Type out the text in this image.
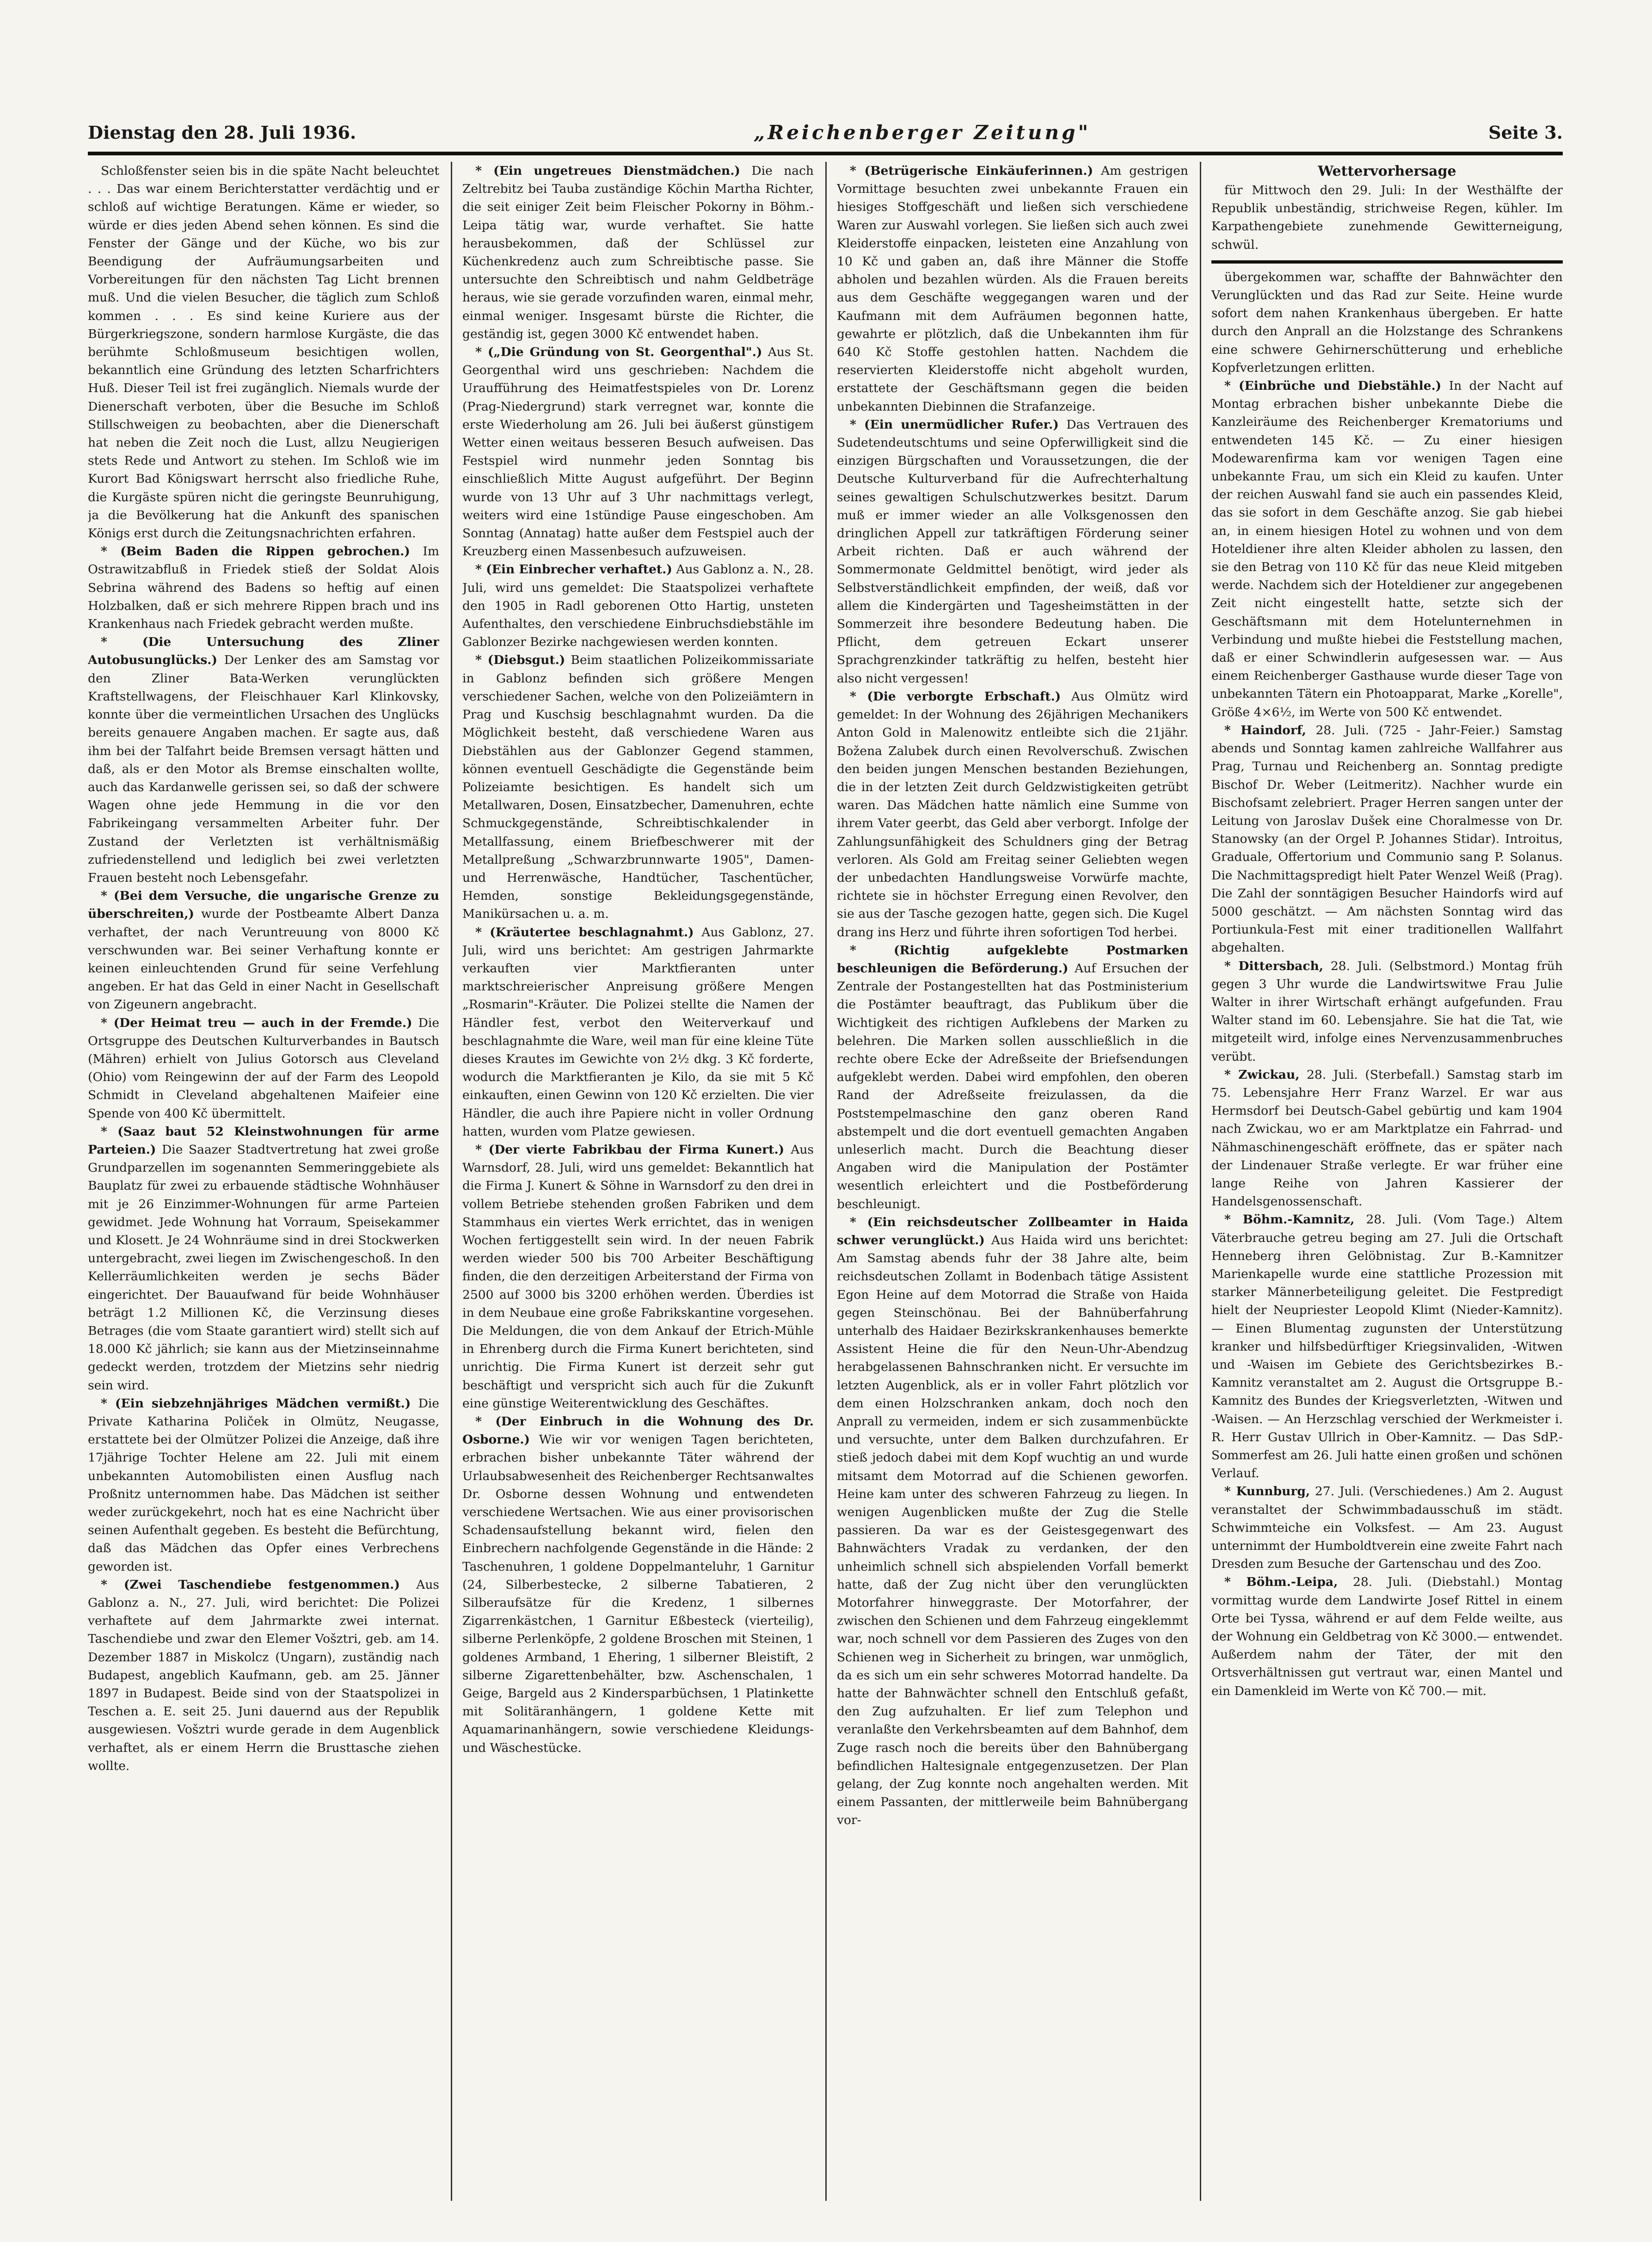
Dienstag den 28. Juli 1936.	„Reichenberger Zeitung"	Seite 3.

Schloßfenster seien bis in die späte Nacht beleuchtet . . . Das war einem Berichterstatter verdächtig und er schloß auf wichtige Beratungen. Käme er wieder, so würde er dies jeden Abend sehen können. Es sind die Fenster der Gänge und der Küche, wo bis zur Beendigung der Aufräumungsarbeiten und Vorbereitungen für den nächsten Tag Licht brennen muß. Und die vielen Besucher, die täglich zum Schloß kommen . . . Es sind keine Kuriere aus der Bürgerkriegszone, sondern harmlose Kurgäste, die das berühmte Schloßmuseum besichtigen wollen, bekanntlich eine Gründung des letzten Scharfrichters Huß. Dieser Teil ist frei zugänglich. Niemals wurde der Dienerschaft verboten, über die Besuche im Schloß Stillschweigen zu beobachten, aber die Dienerschaft hat neben die Zeit noch die Lust, allzu Neugierigen stets Rede und Antwort zu stehen. Im Schloß wie im Kurort Bad Königswart herrscht also friedliche Ruhe, die Kurgäste spüren nicht die geringste Beunruhigung, ja die Bevölkerung hat die Ankunft des spanischen Königs erst durch die Zeitungsnachrichten erfahren.

* (Beim Baden die Rippen gebrochen.) Im Ostrawitzabfluß in Friedek stieß der Soldat Alois Sebrina während des Badens so heftig auf einen Holzbalken, daß er sich mehrere Rippen brach und ins Krankenhaus nach Friedek gebracht werden mußte.

* (Die Untersuchung des Zliner Autobusunglücks.) Der Lenker des am Samstag vor den Zliner Bata-Werken verunglückten Kraftstellwagens, der Fleischhauer Karl Klinkovsky, konnte über die vermeintlichen Ursachen des Unglücks bereits genauere Angaben machen. Er sagte aus, daß ihm bei der Talfahrt beide Bremsen versagt hätten und daß, als er den Motor als Bremse einschalten wollte, auch das Kardanwelle gerissen sei, so daß der schwere Wagen ohne jede Hemmung in die vor den Fabrikeingang versammelten Arbeiter fuhr. Der Zustand der Verletzten ist verhältnismäßig zufriedenstellend und lediglich bei zwei verletzten Frauen besteht noch Lebensgefahr.

* (Bei dem Versuche, die ungarische Grenze zu überschreiten,) wurde der Postbeamte Albert Danza verhaftet, der nach Veruntreuung von 8000 Kč verschwunden war. Bei seiner Verhaftung konnte er keinen einleuchtenden Grund für seine Verfehlung angeben. Er hat das Geld in einer Nacht in Gesellschaft von Zigeunern angebracht.

* (Der Heimat treu — auch in der Fremde.) Die Ortsgruppe des Deutschen Kulturverbandes in Bautsch (Mähren) erhielt von Julius Gotorsch aus Cleveland (Ohio) vom Reingewinn der auf der Farm des Leopold Schmidt in Cleveland abgehaltenen Maifeier eine Spende von 400 Kč übermittelt.

* (Saaz baut 52 Kleinstwohnungen für arme Parteien.) Die Saazer Stadtvertretung hat zwei große Grundparzellen im sogenannten Semmeringgebiete als Bauplatz für zwei zu erbauende städtische Wohnhäuser mit je 26 Einzimmer-Wohnungen für arme Parteien gewidmet. Jede Wohnung hat Vorraum, Speisekammer und Klosett. Je 24 Wohnräume sind in drei Stockwerken untergebracht, zwei liegen im Zwischengeschoß. In den Kellerräumlichkeiten werden je sechs Bäder eingerichtet. Der Bauaufwand für beide Wohnhäuser beträgt 1.2 Millionen Kč, die Verzinsung dieses Betrages (die vom Staate garantiert wird) stellt sich auf 18.000 Kč jährlich; sie kann aus der Mietzinseinnahme gedeckt werden, trotzdem der Mietzins sehr niedrig sein wird.

* (Ein siebzehnjähriges Mädchen vermißt.) Die Private Katharina Poliček in Olmütz, Neugasse, erstattete bei der Olmützer Polizei die Anzeige, daß ihre 17jährige Tochter Helene am 22. Juli mit einem unbekannten Automobilisten einen Ausflug nach Proßnitz unternommen habe. Das Mädchen ist seither weder zurückgekehrt, noch hat es eine Nachricht über seinen Aufenthalt gegeben. Es besteht die Befürchtung, daß das Mädchen das Opfer eines Verbrechens geworden ist.

* (Zwei Taschendiebe festgenommen.) Aus Gablonz a. N., 27. Juli, wird berichtet: Die Polizei verhaftete auf dem Jahrmarkte zwei internat. Taschendiebe und zwar den Elemer Vošztri, geb. am 14. Dezember 1887 in Miskolcz (Ungarn), zuständig nach Budapest, angeblich Kaufmann, geb. am 25. Jänner 1897 in Budapest. Beide sind von der Staatspolizei in Teschen a. E. seit 25. Juni dauernd aus der Republik ausgewiesen. Vošztri wurde gerade in dem Augenblick verhaftet, als er einem Herrn die Brusttasche ziehen wollte.

* (Ein ungetreues Dienstmädchen.) Die nach Zeltrebitz bei Tauba zuständige Köchin Martha Richter, die seit einiger Zeit beim Fleischer Pokorny in Böhm.-Leipa tätig war, wurde verhaftet. Sie hatte herausbekommen, daß der Schlüssel zur Küchenkredenz auch zum Schreibtische passe. Sie untersuchte den Schreibtisch und nahm Geldbeträge heraus, wie sie gerade vorzufinden waren, einmal mehr, einmal weniger. Insgesamt bürste die Richter, die geständig ist, gegen 3000 Kč entwendet haben.

* („Die Gründung von St. Georgenthal".) Aus St. Georgenthal wird uns geschrieben: Nachdem die Uraufführung des Heimatfestspieles von Dr. Lorenz (Prag-Niedergrund) stark verregnet war, konnte die erste Wiederholung am 26. Juli bei äußerst günstigem Wetter einen weitaus besseren Besuch aufweisen. Das Festspiel wird nunmehr jeden Sonntag bis einschließlich Mitte August aufgeführt. Der Beginn wurde von 13 Uhr auf 3 Uhr nachmittags verlegt, weiters wird eine 1stündige Pause eingeschoben. Am Sonntag (Annatag) hatte außer dem Festspiel auch der Kreuzberg einen Massenbesuch aufzuweisen.

* (Ein Einbrecher verhaftet.) Aus Gablonz a. N., 28. Juli, wird uns gemeldet: Die Staatspolizei verhaftete den 1905 in Radl geborenen Otto Hartig, unsteten Aufenthaltes, den verschiedene Einbruchsdiebstähle im Gablonzer Bezirke nachgewiesen werden konnten.

* (Diebsgut.) Beim staatlichen Polizeikommissariate in Gablonz befinden sich größere Mengen verschiedener Sachen, welche von den Polizeiämtern in Prag und Kuschsig beschlagnahmt wurden. Da die Möglichkeit besteht, daß verschiedene Waren aus Diebstählen aus der Gablonzer Gegend stammen, können eventuell Geschädigte die Gegenstände beim Polizeiamte besichtigen. Es handelt sich um Metallwaren, Dosen, Einsatzbecher, Damenuhren, echte Schmuckgegenstände, Schreibtischkalender in Metallfassung, einem Briefbeschwerer mit der Metallpreßung „Schwarzbrunnwarte 1905", Damen- und Herrenwäsche, Handtücher, Taschentücher, Hemden, sonstige Bekleidungsgegenstände, Manikürsachen u. a. m.

* (Kräutertee beschlagnahmt.) Aus Gablonz, 27. Juli, wird uns berichtet: Am gestrigen Jahrmarkte verkauften vier Marktfieranten unter marktschreierischer Anpreisung größere Mengen „Rosmarin"-Kräuter. Die Polizei stellte die Namen der Händler fest, verbot den Weiterverkauf und beschlagnahmte die Ware, weil man für eine kleine Tüte dieses Krautes im Gewichte von 2½ dkg. 3 Kč forderte, wodurch die Marktfieranten je Kilo, da sie mit 5 Kč einkauften, einen Gewinn von 120 Kč erzielten. Die vier Händler, die auch ihre Papiere nicht in voller Ordnung hatten, wurden vom Platze gewiesen.

* (Der vierte Fabrikbau der Firma Kunert.) Aus Warnsdorf, 28. Juli, wird uns gemeldet: Bekanntlich hat die Firma J. Kunert & Söhne in Warnsdorf zu den drei in vollem Betriebe stehenden großen Fabriken und dem Stammhaus ein viertes Werk errichtet, das in wenigen Wochen fertiggestellt sein wird. In der neuen Fabrik werden wieder 500 bis 700 Arbeiter Beschäftigung finden, die den derzeitigen Arbeiterstand der Firma von 2500 auf 3000 bis 3200 erhöhen werden. Überdies ist in dem Neubaue eine große Fabrikskantine vorgesehen. Die Meldungen, die von dem Ankauf der Etrich-Mühle in Ehrenberg durch die Firma Kunert berichteten, sind unrichtig. Die Firma Kunert ist derzeit sehr gut beschäftigt und verspricht sich auch für die Zukunft eine günstige Weiterentwicklung des Geschäftes.

* (Der Einbruch in die Wohnung des Dr. Osborne.) Wie wir vor wenigen Tagen berichteten, erbrachen bisher unbekannte Täter während der Urlaubsabwesenheit des Reichenberger Rechtsanwaltes Dr. Osborne dessen Wohnung und entwendeten verschiedene Wertsachen. Wie aus einer provisorischen Schadensaufstellung bekannt wird, fielen den Einbrechern nachfolgende Gegenstände in die Hände: 2 Taschenuhren, 1 goldene Doppelmanteluhr, 1 Garnitur (24, Silberbestecke, 2 silberne Tabatieren, 2 Silberaufsätze für die Kredenz, 1 silbernes Zigarrenkästchen, 1 Garnitur Eßbesteck (vierteilig), silberne Perlenköpfe, 2 goldene Broschen mit Steinen, 1 goldenes Armband, 1 Ehering, 1 silberner Bleistift, 2 silberne Zigarettenbehälter, bzw. Aschenschalen, 1 Geige, Bargeld aus 2 Kindersparbüchsen, 1 Platinkette mit Solitäranhängern, 1 goldene Kette mit Aquamarinanhängern, sowie verschiedene Kleidungs- und Wäschestücke.

* (Betrügerische Einkäuferinnen.) Am gestrigen Vormittage besuchten zwei unbekannte Frauen ein hiesiges Stoffgeschäft und ließen sich verschiedene Waren zur Auswahl vorlegen. Sie ließen sich auch zwei Kleiderstoffe einpacken, leisteten eine Anzahlung von 10 Kč und gaben an, daß ihre Männer die Stoffe abholen und bezahlen würden. Als die Frauen bereits aus dem Geschäfte weggegangen waren und der Kaufmann mit dem Aufräumen begonnen hatte, gewahrte er plötzlich, daß die Unbekannten ihm für 640 Kč Stoffe gestohlen hatten. Nachdem die reservierten Kleiderstoffe nicht abgeholt wurden, erstattete der Geschäftsmann gegen die beiden unbekannten Diebinnen die Strafanzeige.

* (Ein unermüdlicher Rufer.) Das Vertrauen des Sudetendeutschtums und seine Opferwilligkeit sind die einzigen Bürgschaften und Voraussetzungen, die der Deutsche Kulturverband für die Aufrechterhaltung seines gewaltigen Schulschutzwerkes besitzt. Darum muß er immer wieder an alle Volksgenossen den dringlichen Appell zur tatkräftigen Förderung seiner Arbeit richten. Daß er auch während der Sommermonate Geldmittel benötigt, wird jeder als Selbstverständlichkeit empfinden, der weiß, daß vor allem die Kindergärten und Tagesheimstätten in der Sommerzeit ihre besondere Bedeutung haben. Die Pflicht, dem getreuen Eckart unserer Sprachgrenzkinder tatkräftig zu helfen, besteht hier also nicht vergessen!

* (Die verborgte Erbschaft.) Aus Olmütz wird gemeldet: In der Wohnung des 26jährigen Mechanikers Anton Gold in Malenowitz entleibte sich die 21jähr. Božena Zalubek durch einen Revolverschuß. Zwischen den beiden jungen Menschen bestanden Beziehungen, die in der letzten Zeit durch Geldzwistigkeiten getrübt waren. Das Mädchen hatte nämlich eine Summe von ihrem Vater geerbt, das Geld aber verborgt. Infolge der Zahlungsunfähigkeit des Schuldners ging der Betrag verloren. Als Gold am Freitag seiner Geliebten wegen der unbedachten Handlungsweise Vorwürfe machte, richtete sie in höchster Erregung einen Revolver, den sie aus der Tasche gezogen hatte, gegen sich. Die Kugel drang ins Herz und führte ihren sofortigen Tod herbei.

* (Richtig aufgeklebte Postmarken beschleunigen die Beförderung.) Auf Ersuchen der Zentrale der Postangestellten hat das Postministerium die Postämter beauftragt, das Publikum über die Wichtigkeit des richtigen Aufklebens der Marken zu belehren. Die Marken sollen ausschließlich in die rechte obere Ecke der Adreßseite der Briefsendungen aufgeklebt werden. Dabei wird empfohlen, den oberen Rand der Adreßseite freizulassen, da die Poststempelmaschine den ganz oberen Rand abstempelt und die dort eventuell gemachten Angaben unleserlich macht. Durch die Beachtung dieser Angaben wird die Manipulation der Postämter wesentlich erleichtert und die Postbeförderung beschleunigt.

* (Ein reichsdeutscher Zollbeamter in Haida schwer verunglückt.) Aus Haida wird uns berichtet: Am Samstag abends fuhr der 38 Jahre alte, beim reichsdeutschen Zollamt in Bodenbach tätige Assistent Egon Heine auf dem Motorrad die Straße von Haida gegen Steinschönau. Bei der Bahnüberfahrung unterhalb des Haidaer Bezirkskrankenhauses bemerkte Assistent Heine die für den Neun-Uhr-Abendzug herabgelassenen Bahnschranken nicht. Er versuchte im letzten Augenblick, als er in voller Fahrt plötzlich vor dem einen Holzschranken ankam, doch noch den Anprall zu vermeiden, indem er sich zusammenbückte und versuchte, unter dem Balken durchzufahren. Er stieß jedoch dabei mit dem Kopf wuchtig an und wurde mitsamt dem Motorrad auf die Schienen geworfen. Heine kam unter des schweren Fahrzeug zu liegen. In wenigen Augenblicken mußte der Zug die Stelle passieren. Da war es der Geistesgegenwart des Bahnwächters Vradak zu verdanken, der den unheimlich schnell sich abspielenden Vorfall bemerkt hatte, daß der Zug nicht über den verunglückten Motorfahrer hinweggraste. Der Motorfahrer, der zwischen den Schienen und dem Fahrzeug eingeklemmt war, noch schnell vor dem Passieren des Zuges von den Schienen weg in Sicherheit zu bringen, war unmöglich, da es sich um ein sehr schweres Motorrad handelte. Da hatte der Bahnwächter schnell den Entschluß gefaßt, den Zug aufzuhalten. Er lief zum Telephon und veranlaßte den Verkehrsbeamten auf dem Bahnhof, dem Zuge rasch noch die bereits über den Bahnübergang befindlichen Haltesignale entgegenzusetzen. Der Plan gelang, der Zug konnte noch angehalten werden. Mit einem Passanten, der mittlerweile beim Bahnübergang vor-

Wettervorhersage

für Mittwoch den 29. Juli: In der Westhälfte der Republik unbeständig, strichweise Regen, kühler. Im Karpathengebiete zunehmende Gewitterneigung, schwül.

übergekommen war, schaffte der Bahnwächter den Verunglückten und das Rad zur Seite. Heine wurde sofort dem nahen Krankenhaus übergeben. Er hatte durch den Anprall an die Holzstange des Schrankens eine schwere Gehirnerschütterung und erhebliche Kopfverletzungen erlitten.

* (Einbrüche und Diebstähle.) In der Nacht auf Montag erbrachen bisher unbekannte Diebe die Kanzleiräume des Reichenberger Krematoriums und entwendeten 145 Kč. — Zu einer hiesigen Modewarenfirma kam vor wenigen Tagen eine unbekannte Frau, um sich ein Kleid zu kaufen. Unter der reichen Auswahl fand sie auch ein passendes Kleid, das sie sofort in dem Geschäfte anzog. Sie gab hiebei an, in einem hiesigen Hotel zu wohnen und von dem Hoteldiener ihre alten Kleider abholen zu lassen, den sie den Betrag von 110 Kč für das neue Kleid mitgeben werde. Nachdem sich der Hoteldiener zur angegebenen Zeit nicht eingestellt hatte, setzte sich der Geschäftsmann mit dem Hotelunternehmen in Verbindung und mußte hiebei die Feststellung machen, daß er einer Schwindlerin aufgesessen war. — Aus einem Reichenberger Gasthause wurde dieser Tage von unbekannten Tätern ein Photoapparat, Marke „Korelle", Größe 4×6½, im Werte von 500 Kč entwendet.

* Haindorf, 28. Juli. (725 - Jahr-Feier.) Samstag abends und Sonntag kamen zahlreiche Wallfahrer aus Prag, Turnau und Reichenberg an. Sonntag predigte Bischof Dr. Weber (Leitmeritz). Nachher wurde ein Bischofsamt zelebriert. Prager Herren sangen unter der Leitung von Jaroslav Dušek eine Choralmesse von Dr. Stanowsky (an der Orgel P. Johannes Stidar). Introitus, Graduale, Offertorium und Communio sang P. Solanus. Die Nachmittagspredigt hielt Pater Wenzel Weiß (Prag). Die Zahl der sonntägigen Besucher Haindorfs wird auf 5000 geschätzt. — Am nächsten Sonntag wird das Portiunkula-Fest mit einer traditionellen Wallfahrt abgehalten.

* Dittersbach, 28. Juli. (Selbstmord.) Montag früh gegen 3 Uhr wurde die Landwirtswitwe Frau Julie Walter in ihrer Wirtschaft erhängt aufgefunden. Frau Walter stand im 60. Lebensjahre. Sie hat die Tat, wie mitgeteilt wird, infolge eines Nervenzusammenbruches verübt.

* Zwickau, 28. Juli. (Sterbefall.) Samstag starb im 75. Lebensjahre Herr Franz Warzel. Er war aus Hermsdorf bei Deutsch-Gabel gebürtig und kam 1904 nach Zwickau, wo er am Marktplatze ein Fahrrad- und Nähmaschinengeschäft eröffnete, das er später nach der Lindenauer Straße verlegte. Er war früher eine lange Reihe von Jahren Kassierer der Handelsgenossenschaft.

* Böhm.-Kamnitz, 28. Juli. (Vom Tage.) Altem Väterbrauche getreu beging am 27. Juli die Ortschaft Henneberg ihren Gelöbnistag. Zur B.-Kamnitzer Marienkapelle wurde eine stattliche Prozession mit starker Männerbeteiligung geleitet. Die Festpredigt hielt der Neupriester Leopold Klimt (Nieder-Kamnitz). — Einen Blumentag zugunsten der Unterstützung kranker und hilfsbedürftiger Kriegsinvaliden, -Witwen und -Waisen im Gebiete des Gerichtsbezirkes B.-Kamnitz veranstaltet am 2. August die Ortsgruppe B.-Kamnitz des Bundes der Kriegsverletzten, -Witwen und -Waisen. — An Herzschlag verschied der Werkmeister i. R. Herr Gustav Ullrich in Ober-Kamnitz. — Das SdP.-Sommerfest am 26. Juli hatte einen großen und schönen Verlauf.

* Kunnburg, 27. Juli. (Verschiedenes.) Am 2. August veranstaltet der Schwimmbadausschuß im städt. Schwimmteiche ein Volksfest. — Am 23. August unternimmt der Humboldtverein eine zweite Fahrt nach Dresden zum Besuche der Gartenschau und des Zoo.

* Böhm.-Leipa, 28. Juli. (Diebstahl.) Montag vormittag wurde dem Landwirte Josef Rittel in einem Orte bei Tyssa, während er auf dem Felde weilte, aus der Wohnung ein Geldbetrag von Kč 3000.— entwendet. Außerdem nahm der Täter, der mit den Ortsverhältnissen gut vertraut war, einen Mantel und ein Damenkleid im Werte von Kč 700.— mit.
